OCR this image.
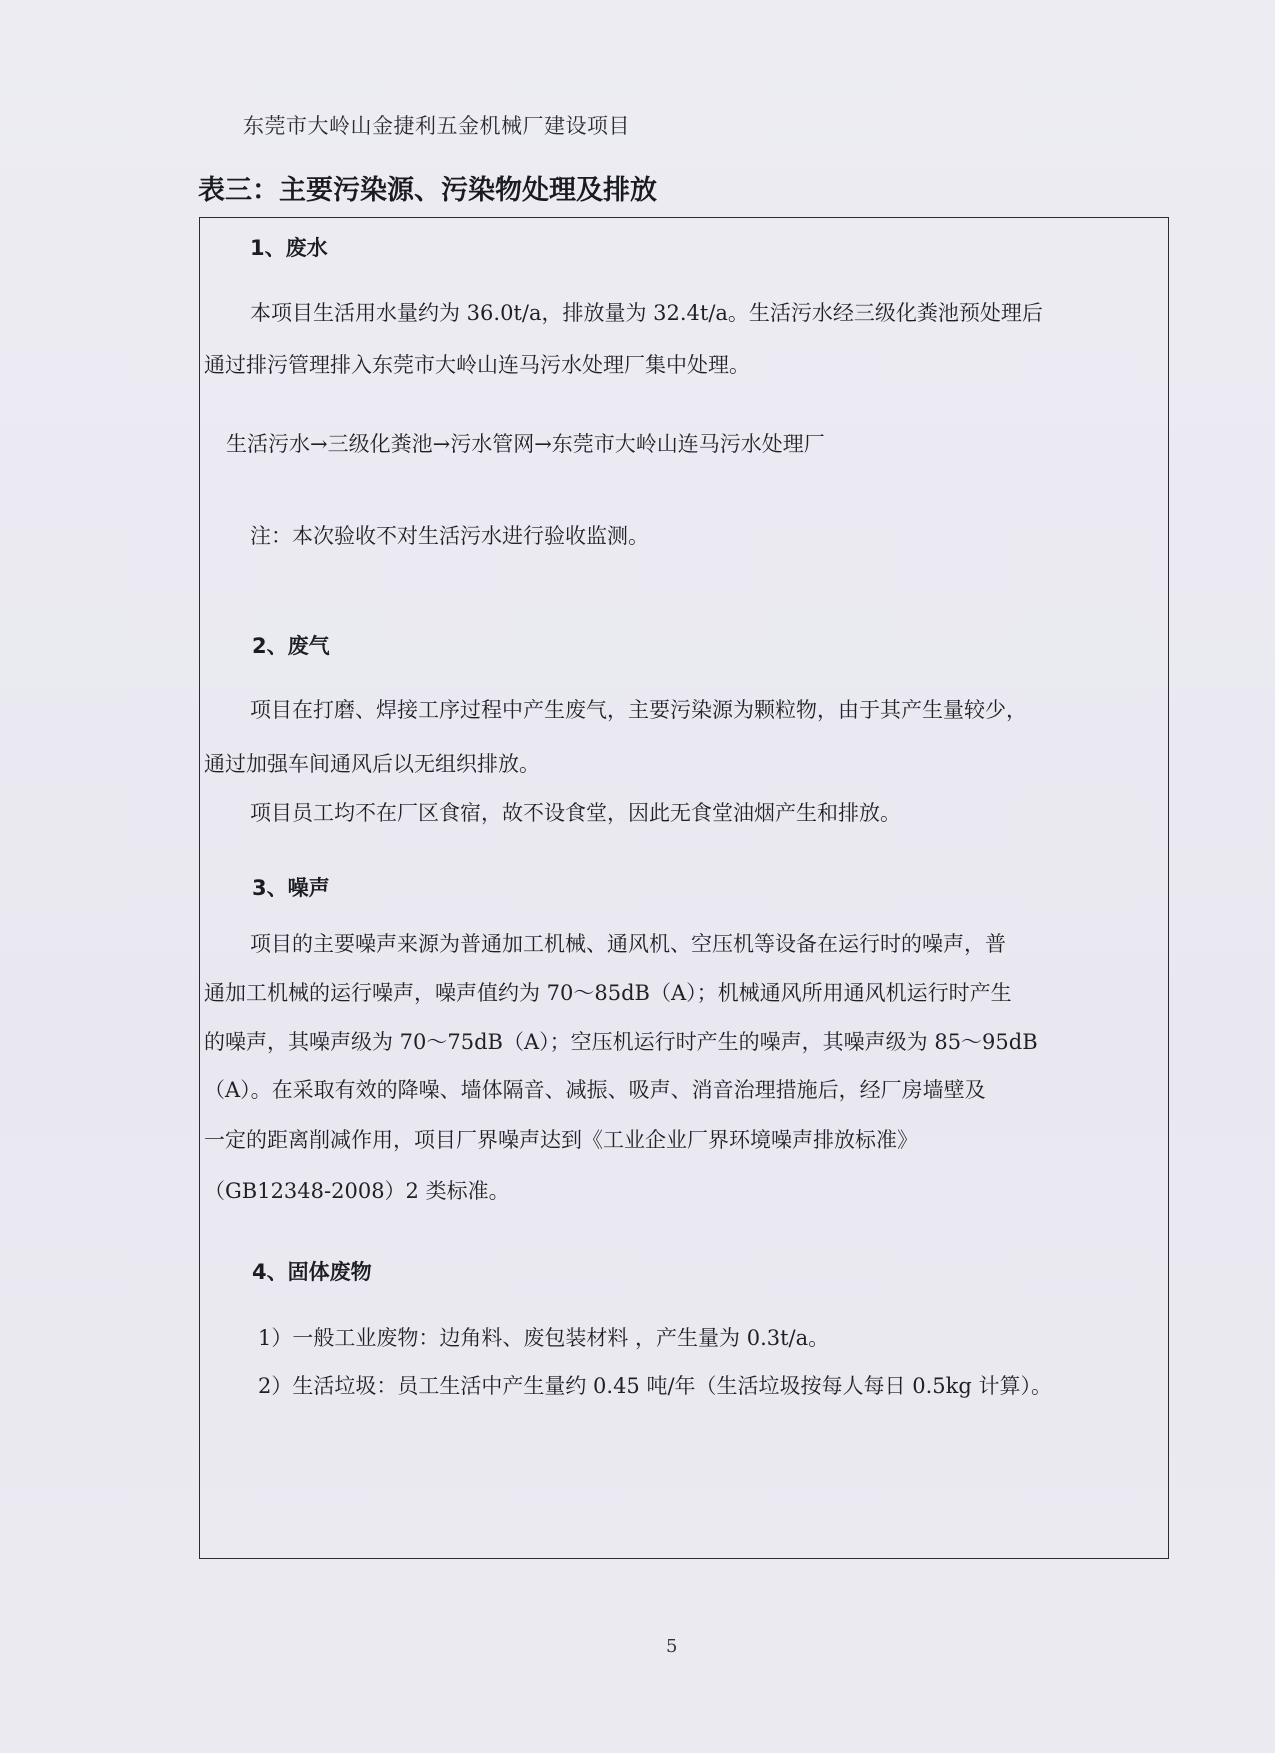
东莞市大岭山金捷利五金机械厂建设项目
表三：主要污染源、污染物处理及排放
1、废水
本项目生活用水量约为 36.0t/a，排放量为 32.4t/a。生活污水经三级化粪池预处理后
通过排污管理排入东莞市大岭山连马污水处理厂集中处理。
生活污水→三级化粪池→污水管网→东莞市大岭山连马污水处理厂
注：本次验收不对生活污水进行验收监测。
2、废气
项目在打磨、焊接工序过程中产生废气，主要污染源为颗粒物，由于其产生量较少，
通过加强车间通风后以无组织排放。
项目员工均不在厂区食宿，故不设食堂，因此无食堂油烟产生和排放。
3、噪声
项目的主要噪声来源为普通加工机械、通风机、空压机等设备在运行时的噪声，普
通加工机械的运行噪声，噪声值约为 70～85dB（A）；机械通风所用通风机运行时产生
的噪声，其噪声级为 70～75dB（A）；空压机运行时产生的噪声，其噪声级为 85～95dB
（A）。在采取有效的降噪、墙体隔音、减振、吸声、消音治理措施后，经厂房墙壁及
一定的距离削减作用，项目厂界噪声达到《工业企业厂界环境噪声排放标准》
（GB12348-2008）2 类标准。
4、固体废物
1）一般工业废物：边角料、废包装材料 ，产生量为 0.3t/a。
2）生活垃圾：员工生活中产生量约 0.45 吨/年（生活垃圾按每人每日 0.5kg 计算）。
5
